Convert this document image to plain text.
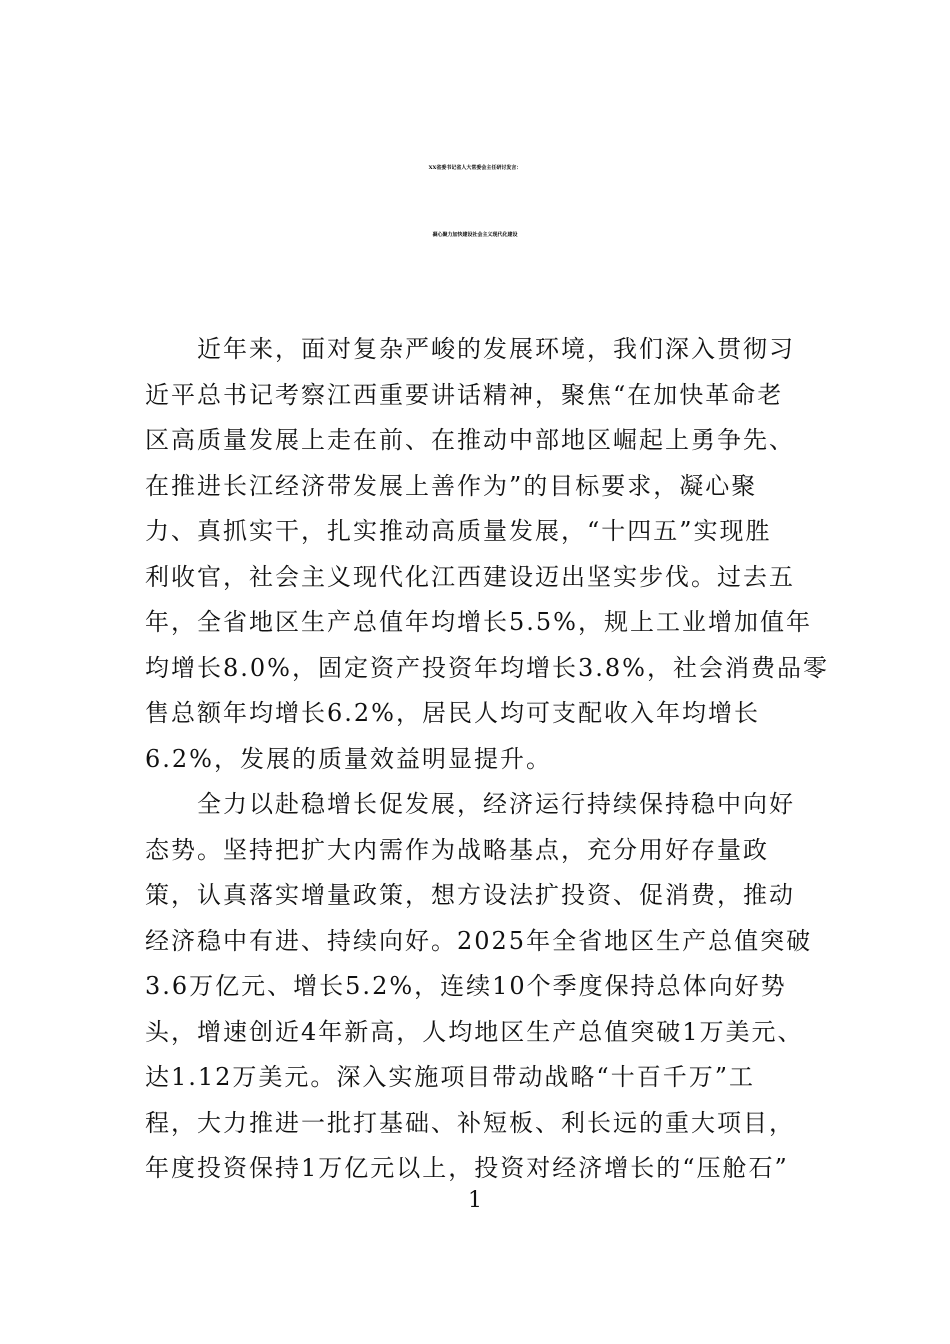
XX省委书记省人大常委会主任研讨发言：
凝心聚力加快建设社会主义现代化建设
近年来，面对复杂严峻的发展环境，我们深入贯彻习
近平总书记考察江西重要讲话精神，聚焦“在加快革命老
区高质量发展上走在前、在推动中部地区崛起上勇争先、
在推进长江经济带发展上善作为”的目标要求，凝心聚
力、真抓实干，扎实推动高质量发展，“十四五”实现胜
利收官，社会主义现代化江西建设迈出坚实步伐。过去五
年，全省地区生产总值年均增长5.5%，规上工业增加值年
均增长8.0%，固定资产投资年均增长3.8%，社会消费品零
售总额年均增长6.2%，居民人均可支配收入年均增长
6.2%，发展的质量效益明显提升。
全力以赴稳增长促发展，经济运行持续保持稳中向好
态势。坚持把扩大内需作为战略基点，充分用好存量政
策，认真落实增量政策，想方设法扩投资、促消费，推动
经济稳中有进、持续向好。2025年全省地区生产总值突破
3.6万亿元、增长5.2%，连续10个季度保持总体向好势
头，增速创近4年新高，人均地区生产总值突破1万美元、
达1.12万美元。深入实施项目带动战略“十百千万”工
程，大力推进一批打基础、补短板、利长远的重大项目，
年度投资保持1万亿元以上，投资对经济增长的“压舱石”
1
